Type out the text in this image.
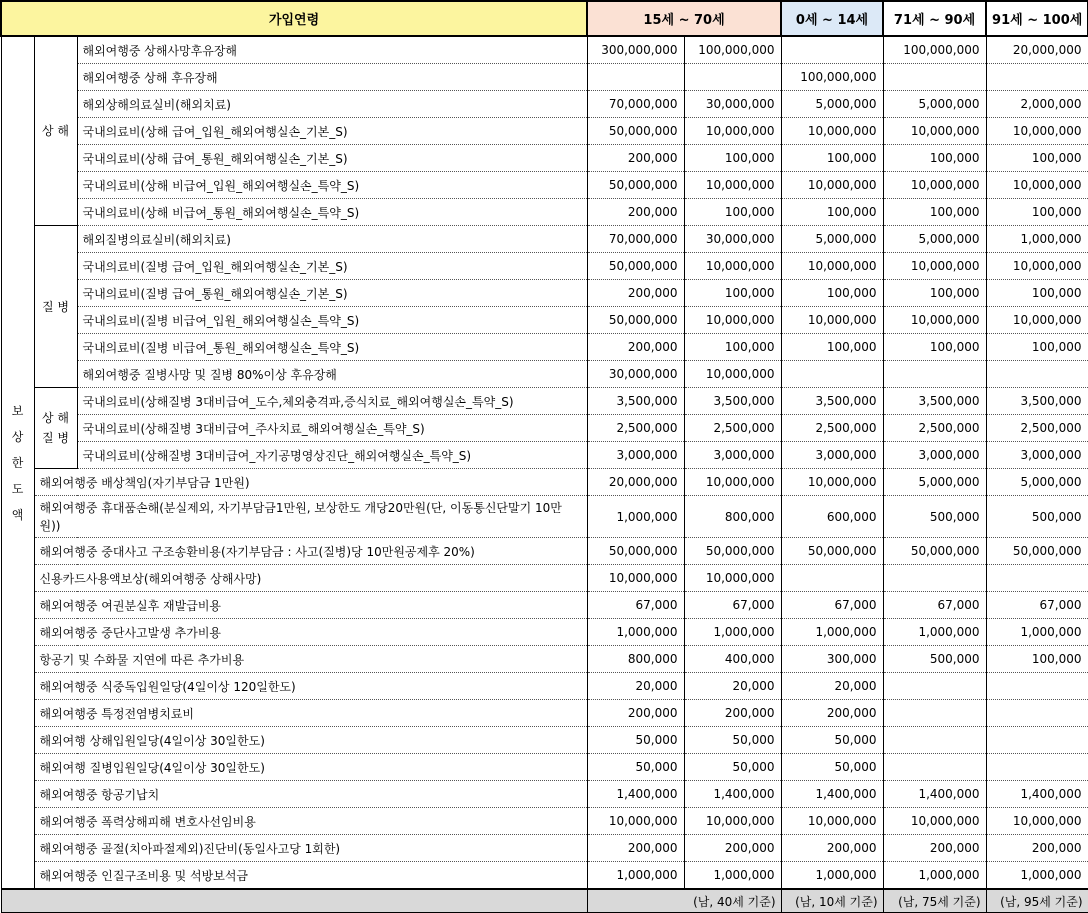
가입연령			15세 ~ 70세		0세 ~ 14세	71세 ~ 90세	91세 ~ 100세
보상한도액	상 해	해외여행중 상해사망후유장해	300,000,000	100,000,000		100,000,000	20,000,000
		해외여행중 상해 후유장해			100,000,000		
		해외상해의료실비(해외치료)	70,000,000	30,000,000	5,000,000	5,000,000	2,000,000
		국내의료비(상해 급여_입원_해외여행실손_기본_S)	50,000,000	10,000,000	10,000,000	10,000,000	10,000,000
		국내의료비(상해 급여_통원_해외여행실손_기본_S)	200,000	100,000	100,000	100,000	100,000
		국내의료비(상해 비급여_입원_해외여행실손_특약_S)	50,000,000	10,000,000	10,000,000	10,000,000	10,000,000
		국내의료비(상해 비급여_통원_해외여행실손_특약_S)	200,000	100,000	100,000	100,000	100,000
	질 병	해외질병의료실비(해외치료)	70,000,000	30,000,000	5,000,000	5,000,000	1,000,000
		국내의료비(질병 급여_입원_해외여행실손_기본_S)	50,000,000	10,000,000	10,000,000	10,000,000	10,000,000
		국내의료비(질병 급여_통원_해외여행실손_기본_S)	200,000	100,000	100,000	100,000	100,000
		국내의료비(질병 비급여_입원_해외여행실손_특약_S)	50,000,000	10,000,000	10,000,000	10,000,000	10,000,000
		국내의료비(질병 비급여_통원_해외여행실손_특약_S)	200,000	100,000	100,000	100,000	100,000
		해외여행중 질병사망 및 질병 80%이상 후유장해	30,000,000	10,000,000			
	상 해 질 병	국내의료비(상해질병 3대비급여_도수,체외충격파,증식치료_해외여행실손_특약_S)	3,500,000	3,500,000	3,500,000	3,500,000	3,500,000
		국내의료비(상해질병 3대비급여_주사치료_해외여행실손_특약_S)	2,500,000	2,500,000	2,500,000	2,500,000	2,500,000
		국내의료비(상해질병 3대비급여_자기공명영상진단_해외여행실손_특약_S)	3,000,000	3,000,000	3,000,000	3,000,000	3,000,000
	해외여행중 배상책임(자기부담금 1만원)		20,000,000	10,000,000	10,000,000	5,000,000	5,000,000
	해외여행중 휴대품손해(분실제외, 자기부담금1만원, 보상한도 개당20만원(단, 이동통신단말기 10만원))		1,000,000	800,000	600,000	500,000	500,000
	해외여행중 중대사고 구조송환비용(자기부담금 : 사고(질병)당 10만원공제후 20%)		50,000,000	50,000,000	50,000,000	50,000,000	50,000,000
	신용카드사용액보상(해외여행중 상해사망)		10,000,000	10,000,000			
	해외여행중 여권분실후 재발급비용		67,000	67,000	67,000	67,000	67,000
	해외여행중 중단사고발생 추가비용		1,000,000	1,000,000	1,000,000	1,000,000	1,000,000
	항공기 및 수화물 지연에 따른 추가비용		800,000	400,000	300,000	500,000	100,000
	해외여행중 식중독입원일당(4일이상 120일한도)		20,000	20,000	20,000		
	해외여행중 특정전염병치료비		200,000	200,000	200,000		
	해외여행 상해입원일당(4일이상 30일한도)		50,000	50,000	50,000		
	해외여행 질병입원일당(4일이상 30일한도)		50,000	50,000	50,000		
	해외여행중 항공기납치		1,400,000	1,400,000	1,400,000	1,400,000	1,400,000
	해외여행중 폭력상해피해 변호사선임비용		10,000,000	10,000,000	10,000,000	10,000,000	10,000,000
	해외여행중 골절(치아파절제외)진단비(동일사고당 1회한)		200,000	200,000	200,000	200,000	200,000
	해외여행중 인질구조비용 및 석방보석금		1,000,000	1,000,000	1,000,000	1,000,000	1,000,000
			(남, 40세 기준)		(남, 10세 기준)	(남, 75세 기준)	(남, 95세 기준)
